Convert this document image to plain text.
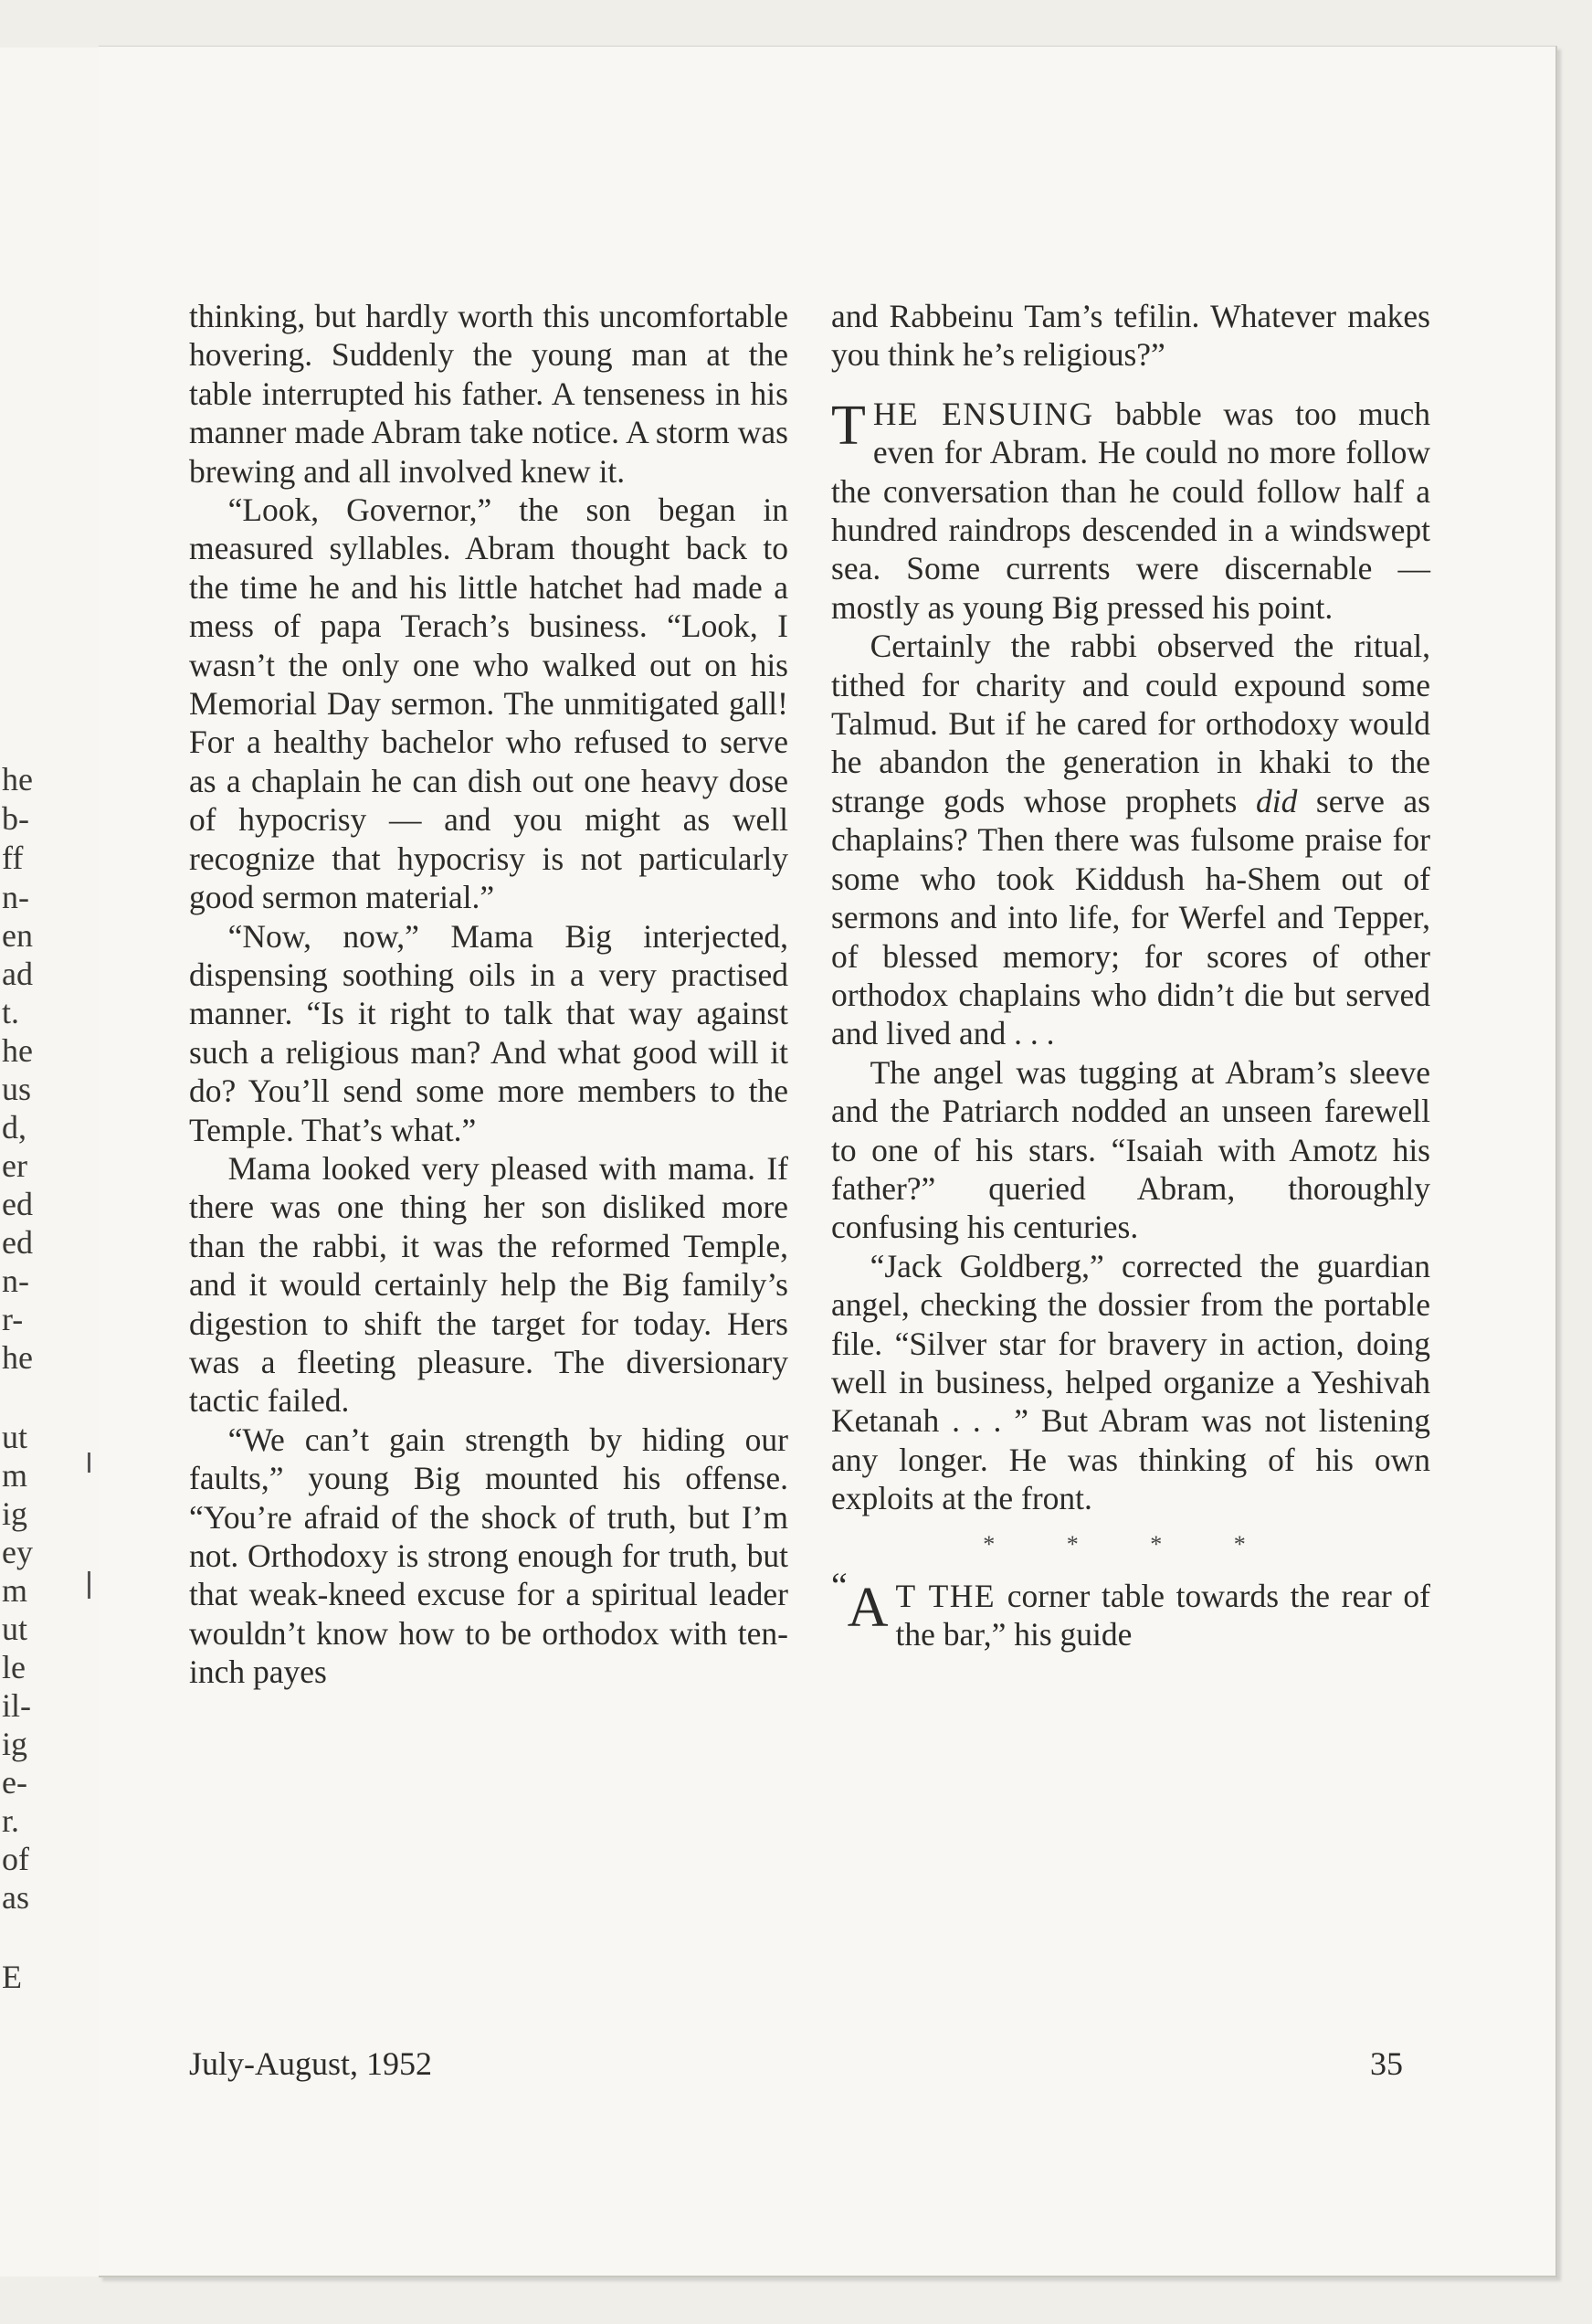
he
b-
ff
n-
en
ad
t.
he
us
d,
er
ed
ed
n-
r-
he
ut
m
ig
ey
m
ut
le
il-
ig
e-
r.
of
as
E

thinking, but hardly worth this uncomfortable hovering. Suddenly the young man at the table interrupted his father. A tenseness in his manner made Abram take notice. A storm was brewing and all involved knew it.

“Look, Governor,” the son began in measured syllables. Abram thought back to the time he and his little hatchet had made a mess of papa Terach’s business. “Look, I wasn’t the only one who walked out on his Memorial Day sermon. The unmitigated gall! For a healthy bachelor who refused to serve as a chaplain he can dish out one heavy dose of hypocrisy — and you might as well recognize that hypocrisy is not particularly good sermon material.”

“Now, now,” Mama Big interjected, dispensing soothing oils in a very practised manner. “Is it right to talk that way against such a religious man? And what good will it do? You’ll send some more members to the Temple. That’s what.”

Mama looked very pleased with mama. If there was one thing her son disliked more than the rabbi, it was the reformed Temple, and it would certainly help the Big family’s digestion to shift the target for today. Hers was a fleeting pleasure. The diversionary tactic failed.

“We can’t gain strength by hiding our faults,” young Big mounted his offense. “You’re afraid of the shock of truth, but I’m not. Orthodoxy is strong enough for truth, but that weak-kneed excuse for a spiritual leader wouldn’t know how to be orthodox with ten-inch payes

and Rabbeinu Tam’s tefilin. Whatever makes you think he’s religious?”

THE ENSUING babble was too much even for Abram. He could no more follow the conversation than he could follow half a hundred raindrops descended in a windswept sea. Some currents were discernable — mostly as young Big pressed his point.

Certainly the rabbi observed the ritual, tithed for charity and could expound some Talmud. But if he cared for orthodoxy would he abandon the generation in khaki to the strange gods whose prophets did serve as chaplains? Then there was fulsome praise for some who took Kiddush ha-Shem out of sermons and into life, for Werfel and Tepper, of blessed memory; for scores of other orthodox chaplains who didn’t die but served and lived and . . .

The angel was tugging at Abram’s sleeve and the Patriarch nodded an unseen farewell to one of his stars. “Isaiah with Amotz his father?” queried Abram, thoroughly confusing his centuries.

“Jack Goldberg,” corrected the guardian angel, checking the dossier from the portable file. “Silver star for bravery in action, doing well in business, helped organize a Yeshivah Ketanah . . . ” But Abram was not listening any longer. He was thinking of his own exploits at the front.

* * * *

“A T THE corner table towards the rear of the bar,” his guide

July-August, 1952	35
